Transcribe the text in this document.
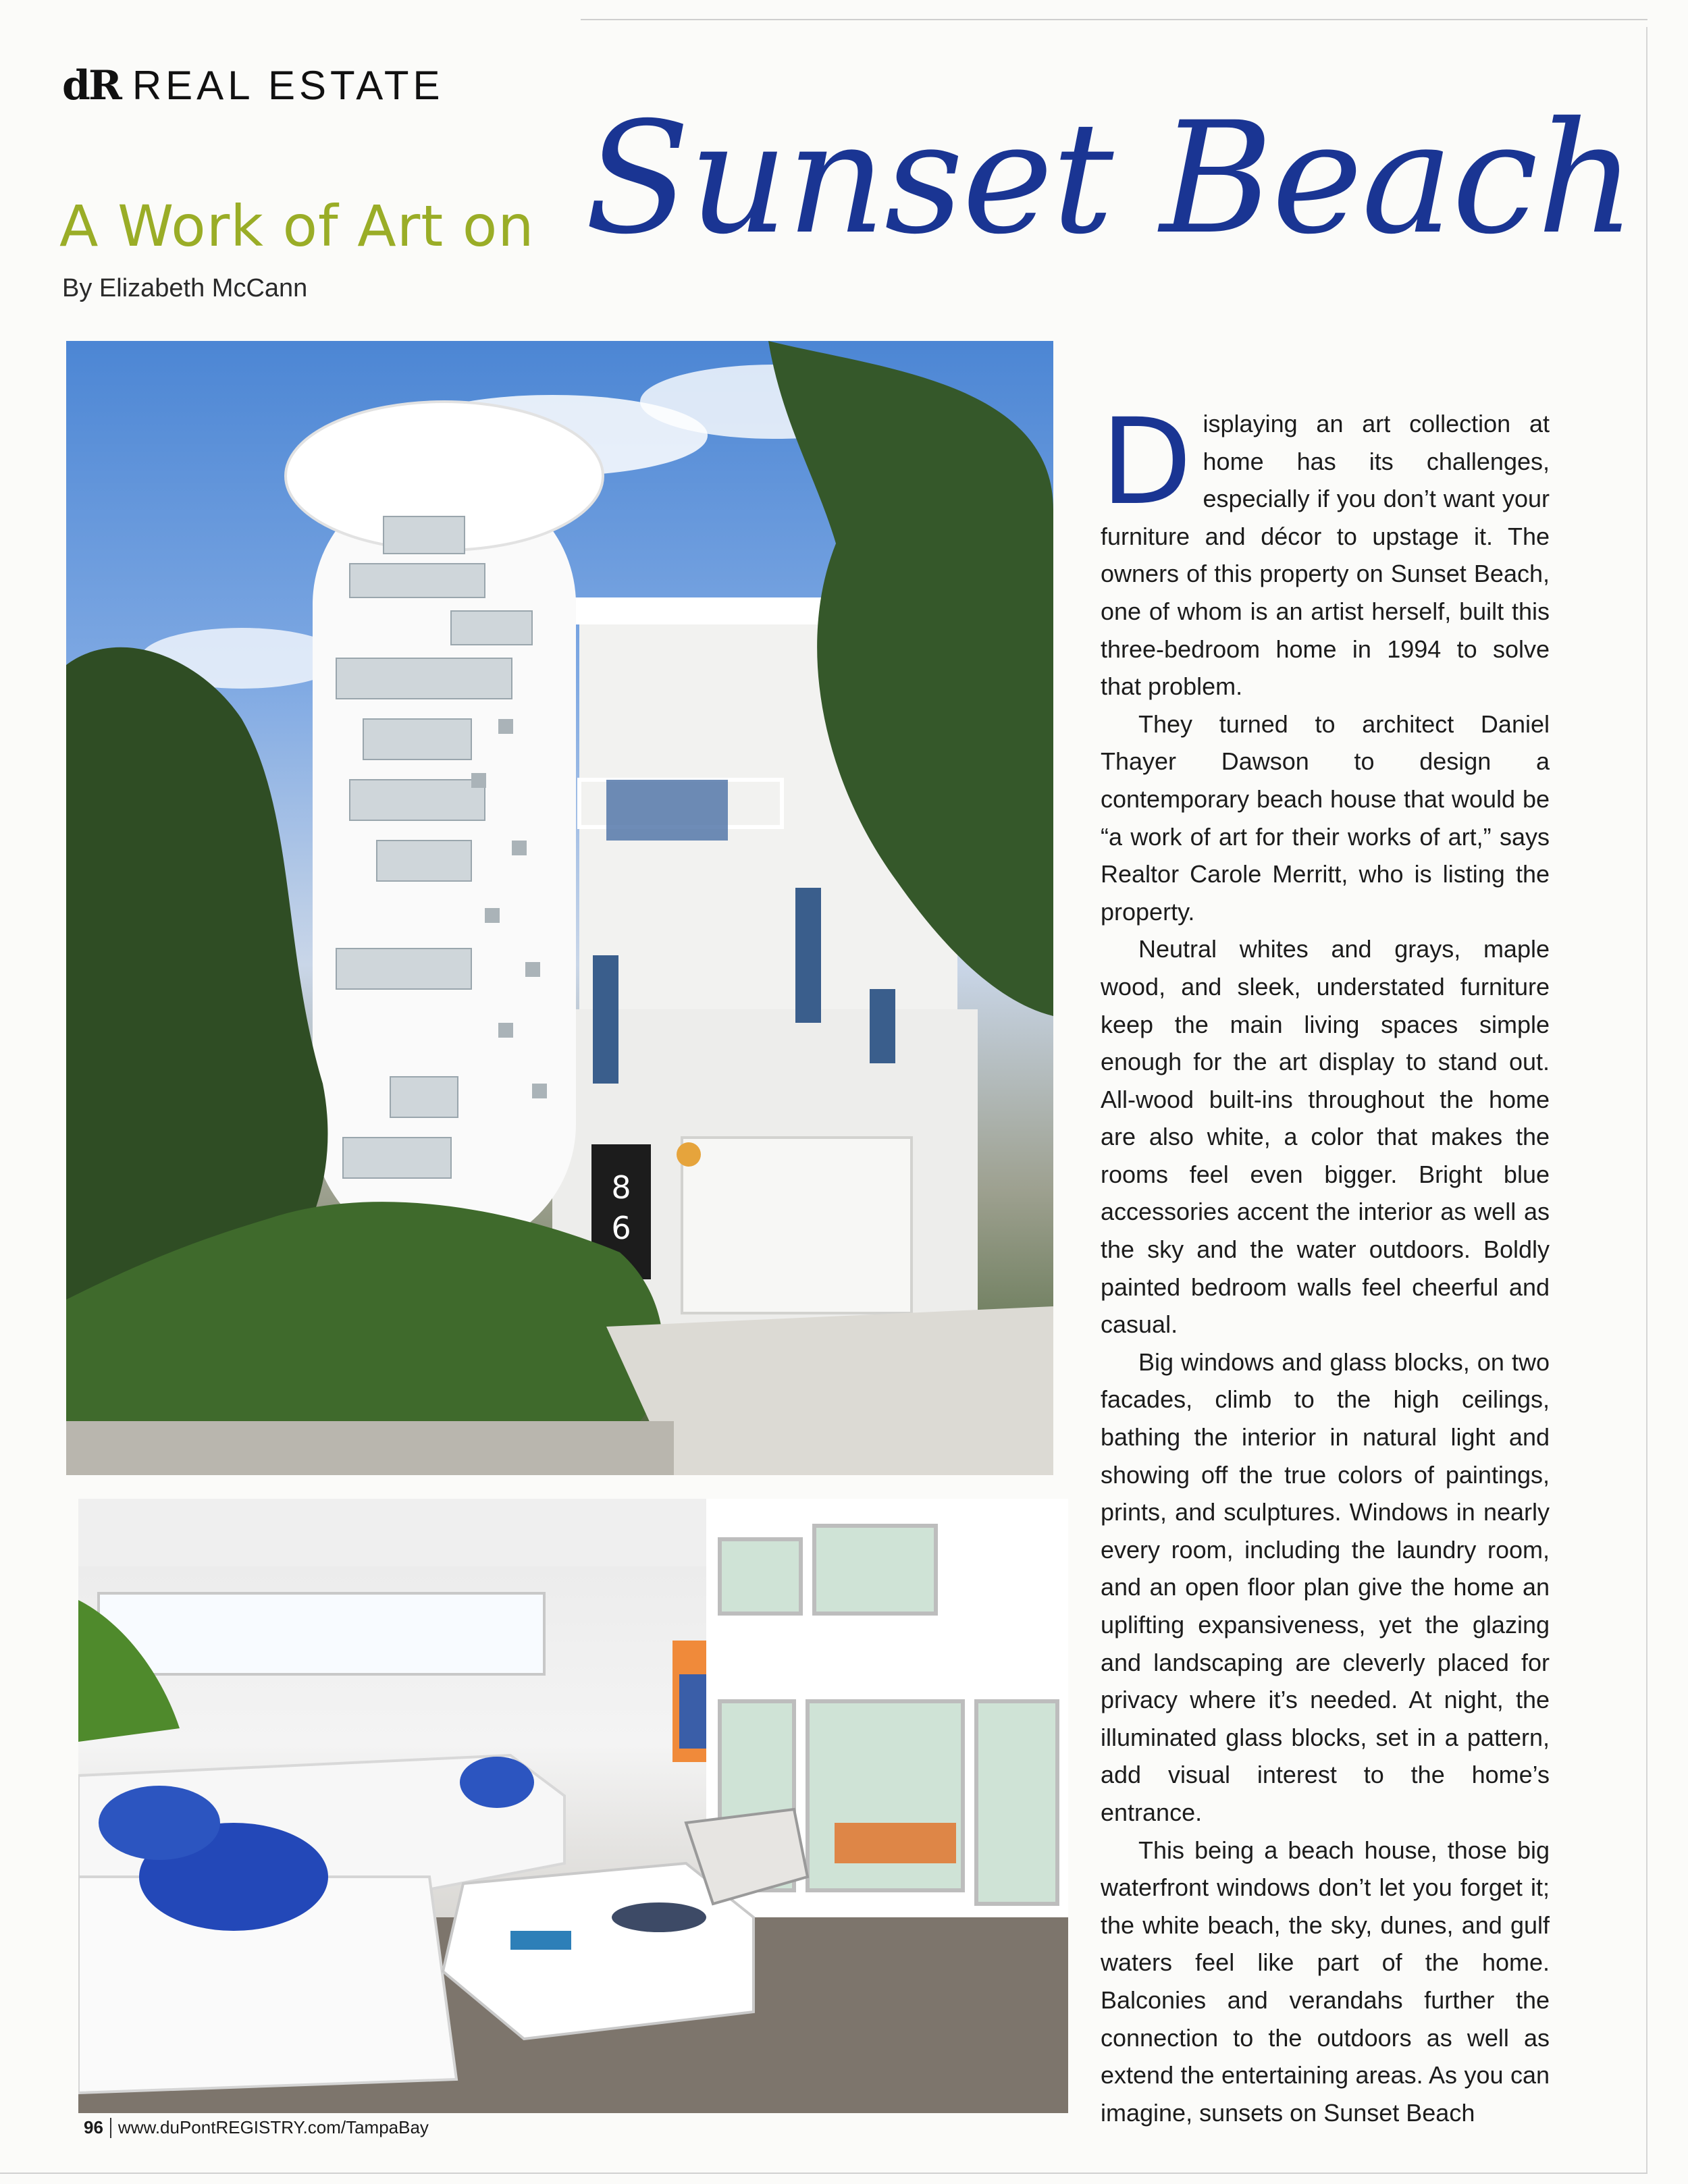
dR REAL ESTATE
A Work of Art on Sunset Beach
By Elizabeth McCann
8
6

Displaying an art collection at home has its challenges, especially if you don’t want your furniture and décor to upstage it. The owners of this property on Sunset Beach, one of whom is an artist herself, built this three-bedroom home in 1994 to solve that problem.

They turned to architect Daniel Thayer Dawson to design a contemporary beach house that would be “a work of art for their works of art,” says Realtor Carole Merritt, who is listing the property.

Neutral whites and grays, maple wood, and sleek, understated furniture keep the main living spaces simple enough for the art display to stand out. All-wood built-ins throughout the home are also white, a color that makes the rooms feel even bigger. Bright blue accessories accent the interior as well as the sky and the water outdoors. Boldly painted bedroom walls feel cheerful and casual.

Big windows and glass blocks, on two facades, climb to the high ceilings, bathing the interior in natural light and showing off the true colors of paintings, prints, and sculptures. Windows in nearly every room, including the laundry room, and an open floor plan give the home an uplifting expansiveness, yet the glazing and landscaping are cleverly placed for privacy where it’s needed. At night, the illuminated glass blocks, set in a pattern, add visual interest to the home’s entrance.

This being a beach house, those big waterfront windows don’t let you forget it; the white beach, the sky, dunes, and gulf waters feel like part of the home. Balconies and verandahs further the connection to the outdoors as well as extend the entertaining areas. As you can imagine, sunsets on Sunset Beach

96 www.duPontREGISTRY.com/TampaBay
